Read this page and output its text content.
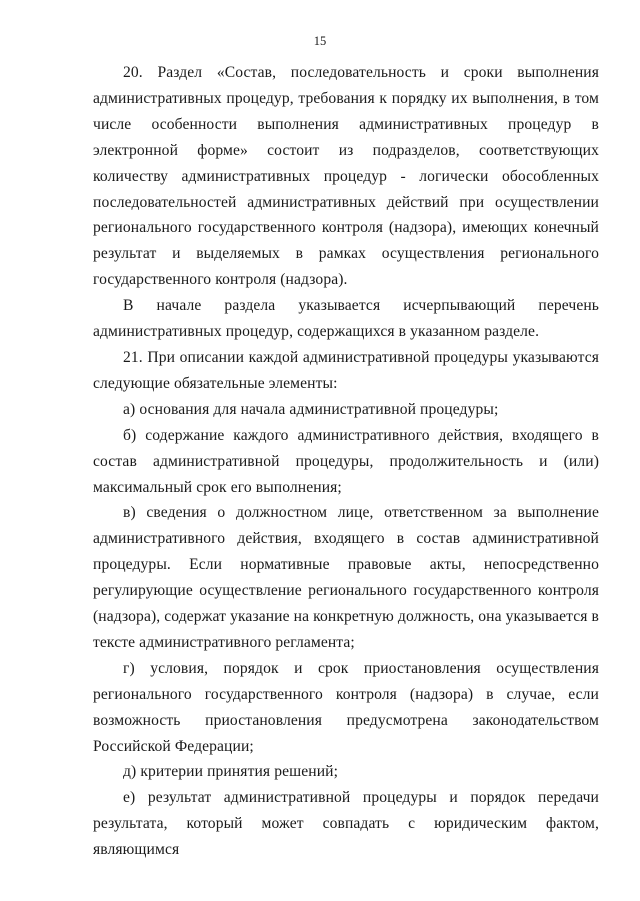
15

20. Раздел «Состав, последовательность и сроки выполнения административных процедур, требования к порядку их выполнения, в том числе особенности выполнения административных процедур в электронной форме» состоит из подразделов, соответствующих количеству административных процедур - логически обособленных последовательностей административных действий при осуществлении регионального государственного контроля (надзора), имеющих конечный результат и выделяемых в рамках осуществления регионального государственного контроля (надзора).

В начале раздела указывается исчерпывающий перечень административных процедур, содержащихся в указанном разделе.

21. При описании каждой административной процедуры указываются следующие обязательные элементы:

а) основания для начала административной процедуры;

б) содержание каждого административного действия, входящего в состав административной процедуры, продолжительность и (или) максимальный срок его выполнения;

в) сведения о должностном лице, ответственном за выполнение административного действия, входящего в состав административной процедуры. Если нормативные правовые акты, непосредственно регулирующие осуществление регионального государственного контроля (надзора), содержат указание на конкретную должность, она указывается в тексте административного регламента;

г) условия, порядок и срок приостановления осуществления регионального государственного контроля (надзора) в случае, если возможность приостановления предусмотрена законодательством Российской Федерации;

д) критерии принятия решений;

е) результат административной процедуры и порядок передачи результата, который может совпадать с юридическим фактом, являющимся
